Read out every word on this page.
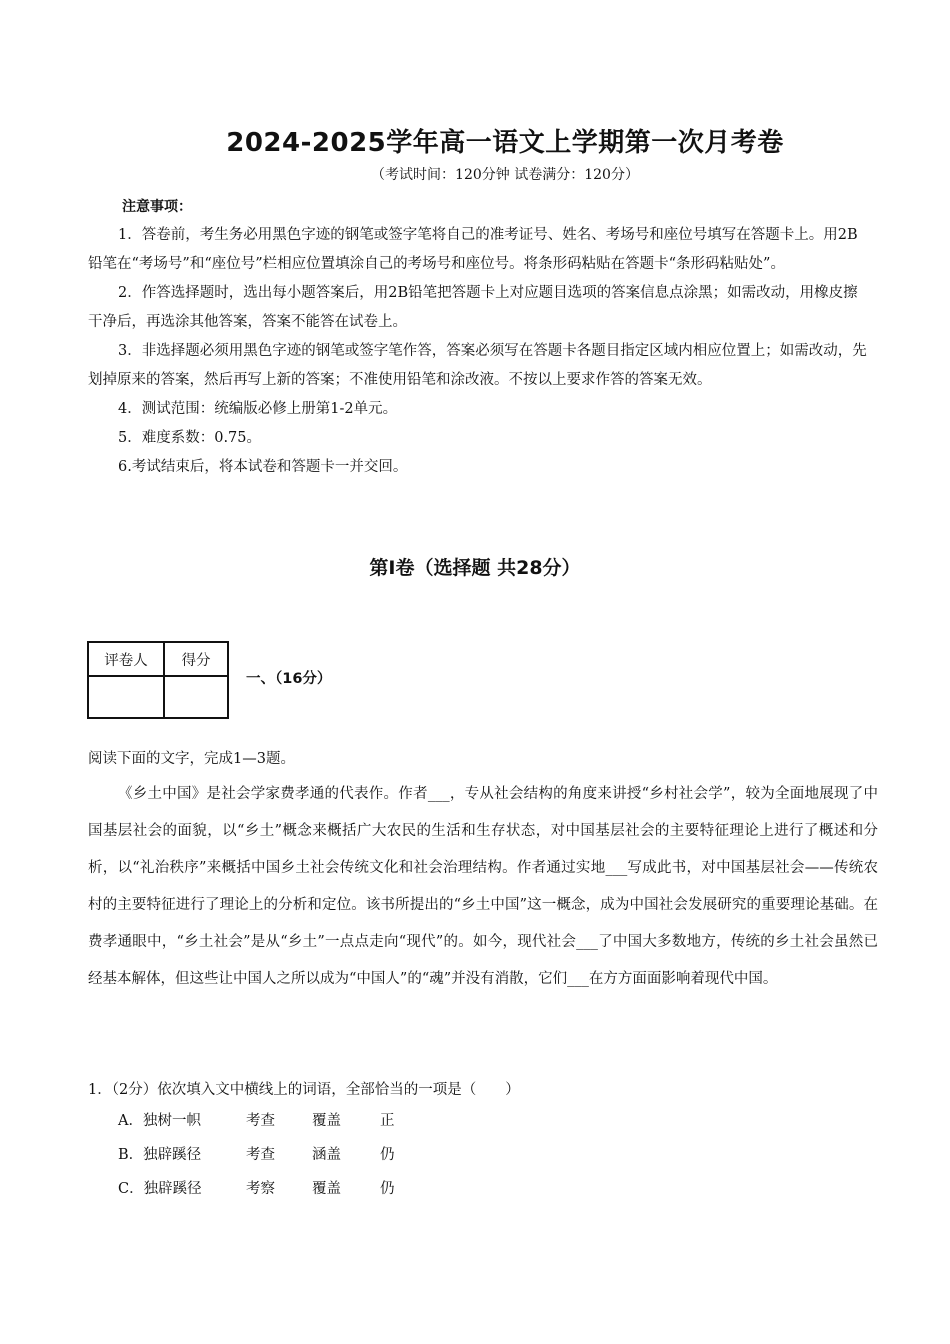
2024-2025学年高一语文上学期第一次月考卷
（考试时间：120分钟 试卷满分：120分）
注意事项：

1．答卷前，考生务必用黑色字迹的钢笔或签字笔将自己的准考证号、姓名、考场号和座位号填写在答题卡上。用2B铅笔在“考场号”和“座位号”栏相应位置填涂自己的考场号和座位号。将条形码粘贴在答题卡“条形码粘贴处”。

2．作答选择题时，选出每小题答案后，用2B铅笔把答题卡上对应题目选项的答案信息点涂黑；如需改动，用橡皮擦干净后，再选涂其他答案，答案不能答在试卷上。

3．非选择题必须用黑色字迹的钢笔或签字笔作答，答案必须写在答题卡各题目指定区域内相应位置上；如需改动，先划掉原来的答案，然后再写上新的答案；不准使用铅笔和涂改液。不按以上要求作答的答案无效。

4．测试范围：统编版必修上册第1-2单元。

5．难度系数：0.75。

6.考试结束后，将本试卷和答题卡一并交回。

第Ⅰ卷（选择题 共28分）
评卷人	得分

一、（16分）
阅读下面的文字，完成1—3题。

《乡土中国》是社会学家费孝通的代表作。作者___，专从社会结构的角度来讲授“乡村社会学”，较为全面地展现了中国基层社会的面貌，以“乡土”概念来概括广大农民的生活和生存状态，对中国基层社会的主要特征理论上进行了概述和分析，以“礼治秩序”来概括中国乡土社会传统文化和社会治理结构。作者通过实地___写成此书，对中国基层社会——传统农村的主要特征进行了理论上的分析和定位。该书所提出的“乡土中国”这一概念，成为中国社会发展研究的重要理论基础。在费孝通眼中，“乡土社会”是从“乡土”一点点走向“现代”的。如今，现代社会___了中国大多数地方，传统的乡土社会虽然已经基本解体，但这些让中国人之所以成为“中国人”的“魂”并没有消散，它们___在方方面面影响着现代中国。

1．（2分）依次填入文中横线上的词语，全部恰当的一项是（　　）
A．独树一帜	考查	覆盖	正
B．独辟蹊径	考查	涵盖	仍
C．独辟蹊径	考察	覆盖	仍
